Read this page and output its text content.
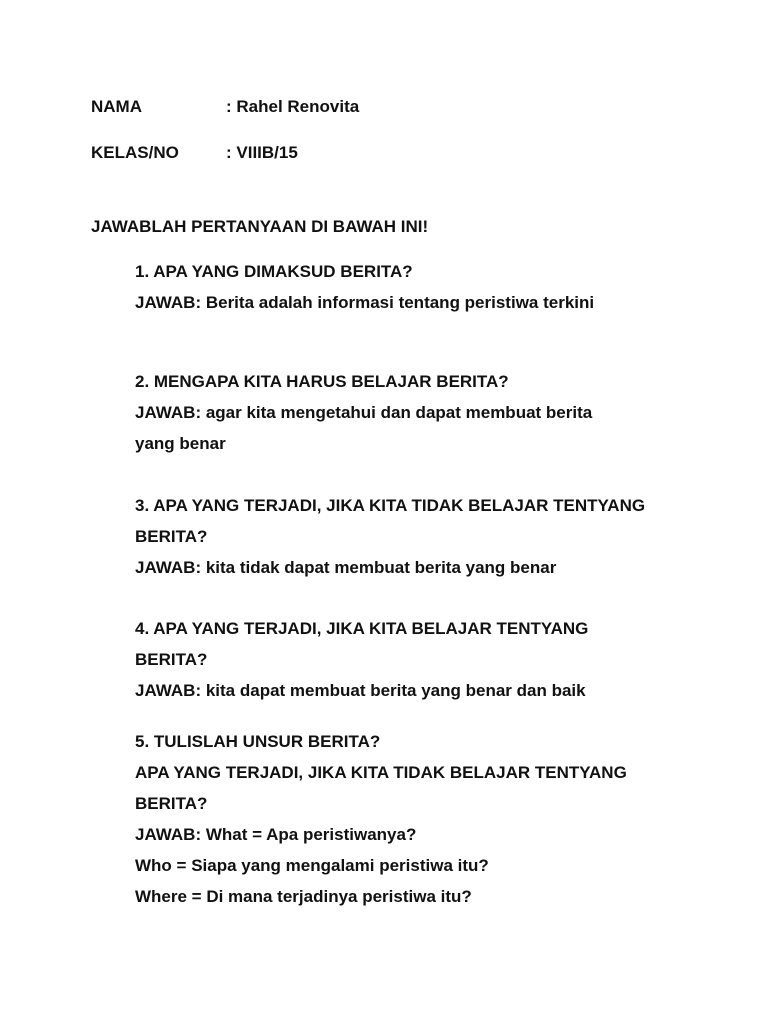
NAMA	: Rahel Renovita
KELAS/NO	: VIIIB/15
JAWABLAH PERTANYAAN DI BAWAH INI!
1. APA YANG DIMAKSUD BERITA?
JAWAB: Berita adalah informasi tentang peristiwa terkini
2. MENGAPA KITA HARUS BELAJAR BERITA?
JAWAB: agar kita mengetahui dan dapat membuat berita
yang benar
3. APA YANG TERJADI, JIKA KITA TIDAK BELAJAR TENTYANG
BERITA?
JAWAB: kita tidak dapat membuat berita yang benar
4. APA YANG TERJADI, JIKA KITA BELAJAR TENTYANG
BERITA?
JAWAB: kita dapat membuat berita yang benar dan baik
5. TULISLAH UNSUR BERITA?
APA YANG TERJADI, JIKA KITA TIDAK BELAJAR TENTYANG
BERITA?
JAWAB: What = Apa peristiwanya?
Who = Siapa yang mengalami peristiwa itu?
Where = Di mana terjadinya peristiwa itu?
